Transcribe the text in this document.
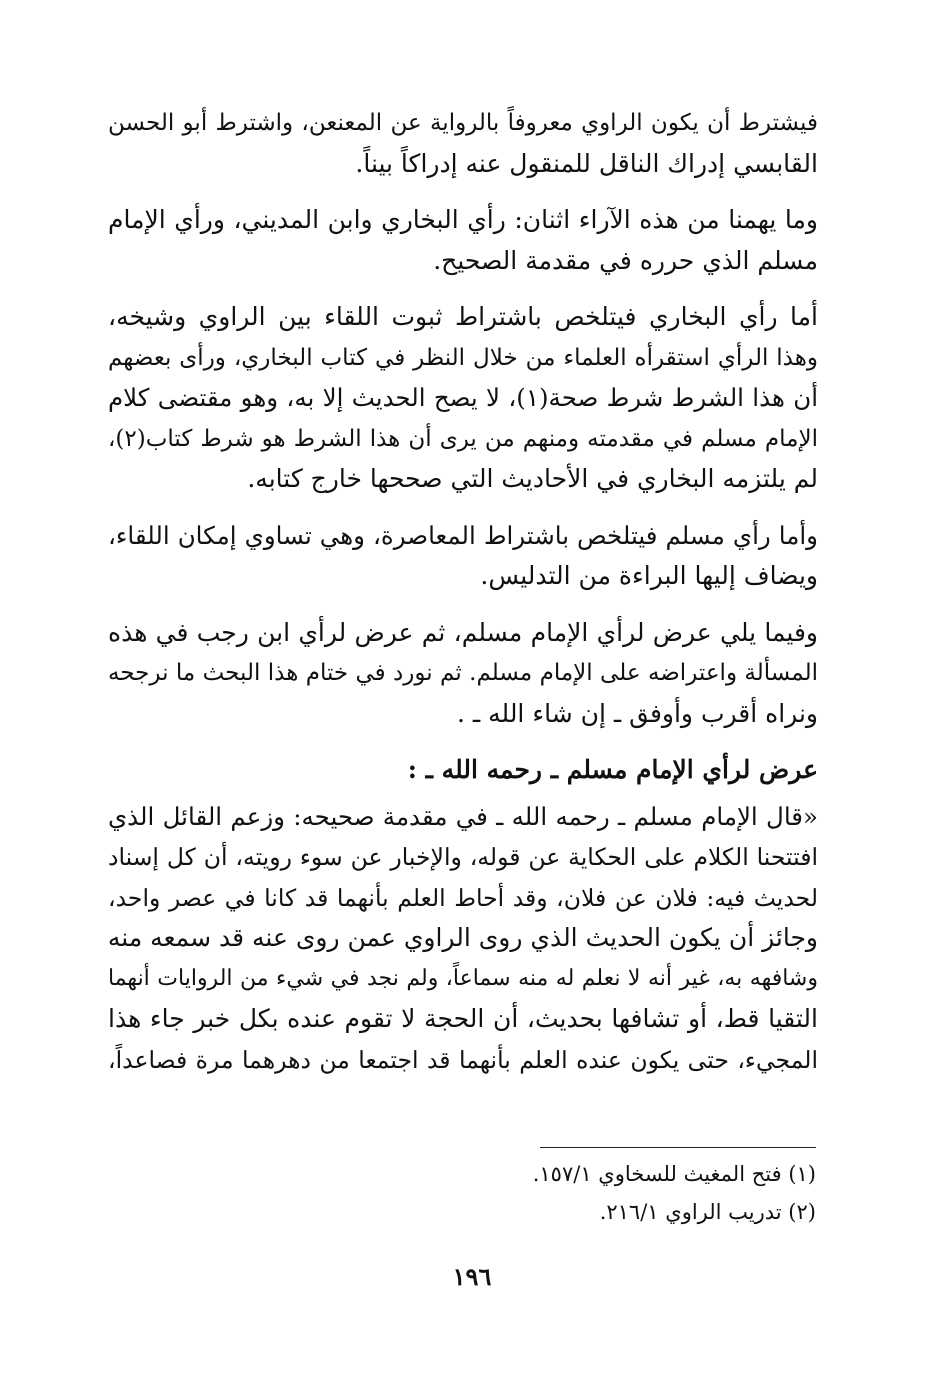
فيشترط أن يكون الراوي معروفاً بالرواية عن المعنعن، واشترط أبو الحسن
القابسي إدراك الناقل للمنقول عنه إدراكاً بيناً.

وما يهمنا من هذه الآراء اثنان: رأي البخاري وابن المديني، ورأي الإمام
مسلم الذي حرره في مقدمة الصحيح.

أما رأي البخاري فيتلخص باشتراط ثبوت اللقاء بين الراوي وشيخه،
وهذا الرأي استقرأه العلماء من خلال النظر في كتاب البخاري، ورأى بعضهم
أن هذا الشرط شرط صحة(١)، لا يصح الحديث إلا به، وهو مقتضى كلام
الإمام مسلم في مقدمته ومنهم من يرى أن هذا الشرط هو شرط كتاب(٢)،
لم يلتزمه البخاري في الأحاديث التي صححها خارج كتابه.

وأما رأي مسلم فيتلخص باشتراط المعاصرة، وهي تساوي إمكان اللقاء،
ويضاف إليها البراءة من التدليس.

وفيما يلي عرض لرأي الإمام مسلم، ثم عرض لرأي ابن رجب في هذه
المسألة واعتراضه على الإمام مسلم. ثم نورد في ختام هذا البحث ما نرجحه
ونراه أقرب وأوفق ـ إن شاء الله ـ .

عرض لرأي الإمام مسلم ـ رحمه الله ـ :

«قال الإمام مسلم ـ رحمه الله ـ في مقدمة صحيحه: وزعم القائل الذي
افتتحنا الكلام على الحكاية عن قوله، والإخبار عن سوء رويته، أن كل إسناد
لحديث فيه: فلان عن فلان، وقد أحاط العلم بأنهما قد كانا في عصر واحد،
وجائز أن يكون الحديث الذي روى الراوي عمن روى عنه قد سمعه منه
وشافهه به، غير أنه لا نعلم له منه سماعاً، ولم نجد في شيء من الروايات أنهما
التقيا قط، أو تشافها بحديث، أن الحجة لا تقوم عنده بكل خبر جاء هذا
المجيء، حتى يكون عنده العلم بأنهما قد اجتمعا من دهرهما مرة فصاعداً،

(١) فتح المغيث للسخاوي ١٥٧/١.
(٢) تدريب الراوي ٢١٦/١.
١٩٦
